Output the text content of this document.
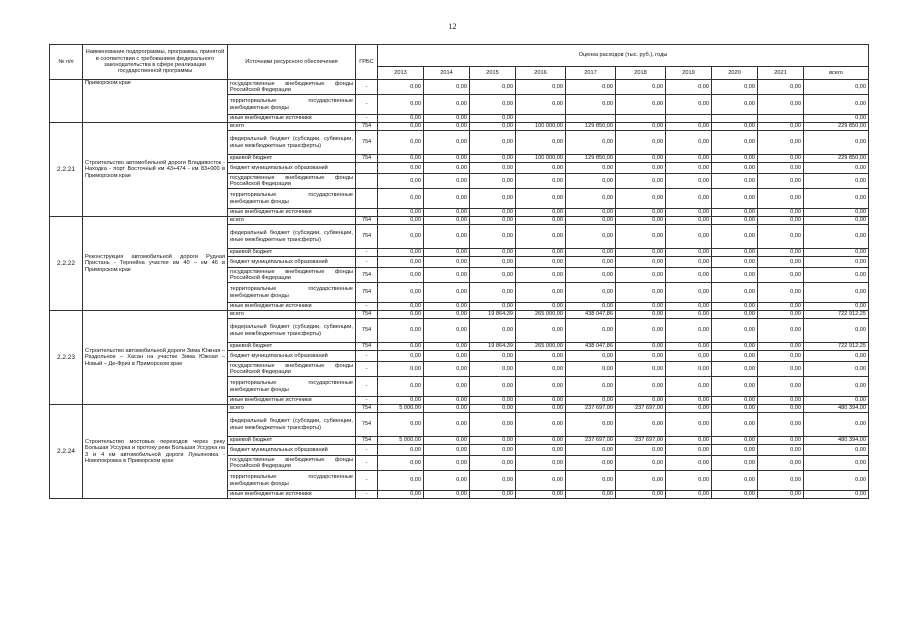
12
№ п/п	Наименование подпрограммы, программы, принятой в соответствии с требованием федерального законодательства в сфере реализации государственной программы	Источники ресурсного обеспечения	ГРБС	Оценка расходов (тыс. руб.), годы									
				2013	2014	2015	2016	2017	2018	2019	2020	2021	всего
	Приморском крае	государственные внебюджетные фонды Российской Федерации	-	0,00	0,00	0,00	0,00	0,00	0,00	0,00	0,00	0,00	0,00
		территориальные государственные внебюджетные фонды	-	0,00	0,00	0,00	0,00	0,00	0,00	0,00	0,00	0,00	0,00
		иные внебюджетные источники	-	0,00	0,00	0,00							0,00
2.2.21	Строительство автомобильной дороги Владивосток - Находка - порт Восточный км 43+474 - км 83+000 в Приморском крае	всего	754	0,00	0,00	0,00	100 000,00	129 850,00	0,00	0,00	0,00	0,00	229 850,00
		федеральный бюджет (субсидии, субвенции, иные межбюджетные трансферты)	754	0,00	0,00	0,00	0,00	0,00	0,00	0,00	0,00	0,00	0,00
		краевой бюджет	754	0,00	0,00	0,00	100 000,00	129 850,00	0,00	0,00	0,00	0,00	229 850,00
		бюджет муниципальных образований		0,00	0,00	0,00	0,00	0,00	0,00	0,00	0,00	0,00	0,00
		государственные внебюджетные фонды Российской Федерации		0,00	0,00	0,00	0,00	0,00	0,00	0,00	0,00	0,00	0,00
		территориальные государственные внебюджетные фонды		0,00	0,00	0,00	0,00	0,00	0,00	0,00	0,00	0,00	0,00
		иные внебюджетные источники		0,00	0,00	0,00	0,00	0,00	0,00	0,00	0,00	0,00	0,00
2.2.22	Реконструкция автомобильной дороги Рудная Пристань - Тернейна участке км 40 – км 46 в Приморском крае	всего	754	0,00	0,00	0,00	0,00	0,00	0,00	0,00	0,00	0,00	0,00
		федеральный бюджет (субсидии, субвенции, иные межбюджетные трансферты)	754	0,00	0,00	0,00	0,00	0,00	0,00	0,00	0,00	0,00	0,00
		краевой бюджет	-	0,00	0,00	0,00	0,00	0,00	0,00	0,00	0,00	0,00	0,00
		бюджет муниципальных образований	-	0,00	0,00	0,00	0,00	0,00	0,00	0,00	0,00	0,00	0,00
		государственные внебюджетные фонды Российской Федерации	754	0,00	0,00	0,00	0,00	0,00	0,00	0,00	0,00	0,00	0,00
		территориальные государственные внебюджетные фонды	754	0,00	0,00	0,00	0,00	0,00	0,00	0,00	0,00	0,00	0,00
		иные внебюджетные источники	-	0,00	0,00	0,00	0,00	0,00	0,00	0,00	0,00	0,00	0,00
2.2.23	Строительство автомобильной дороги Зима Южная – Раздольное – Хасан на участке Зима Южная – Новый – Де-Фриз в Приморском крае	всего	754	0,00	0,00	19 864,39	265 000,00	438 047,86	0,00	0,00	0,00	0,00	722 912,25
		федеральный бюджет (субсидии, субвенции, иные межбюджетные трансферты)	754	0,00	0,00	0,00	0,00	0,00	0,00	0,00	0,00	0,00	0,00
		краевой бюджет	754	0,00	0,00	19 864,39	265 000,00	438 047,86	0,00	0,00	0,00	0,00	722 912,25
		бюджет муниципальных образований	-	0,00	0,00	0,00	0,00	0,00	0,00	0,00	0,00	0,00	0,00
		государственные внебюджетные фонды Российской Федерации	-	0,00	0,00	0,00	0,00	0,00	0,00	0,00	0,00	0,00	0,00
		территориальные государственные внебюджетные фонды	-	0,00	0,00	0,00	0,00	0,00	0,00	0,00	0,00	0,00	0,00
		иные внебюджетные источники	-	0,00	0,00	0,00	0,00	0,00	0,00	0,00	0,00	0,00	0,00
2.2.24	Строительство мостовых переходов через реку Большая Уссурка и протоку реки Большая Уссурка на 3 и 4 км автомобильной дороги Лукьяновка - Новопокровка в Приморском крае	всего	754	5 000,00	0,00	0,00	0,00	237 697,00	237 697,00	0,00	0,00	0,00	480 394,00
		федеральный бюджет (субсидии, субвенции, иные межбюджетные трансферты)	754	0,00	0,00	0,00	0,00	0,00	0,00	0,00	0,00	0,00	0,00
		краевой бюджет	754	5 000,00	0,00	0,00	0,00	237 697,00	237 697,00	0,00	0,00	0,00	480 394,00
		бюджет муниципальных образований	-	0,00	0,00	0,00	0,00	0,00	0,00	0,00	0,00	0,00	0,00
		государственные внебюджетные фонды Российской Федерации	-	0,00	0,00	0,00	0,00	0,00	0,00	0,00	0,00	0,00	0,00
		территориальные государственные внебюджетные фонды	-	0,00	0,00	0,00	0,00	0,00	0,00	0,00	0,00	0,00	0,00
		иные внебюджетные источники	-	0,00	0,00	0,00	0,00	0,00	0,00	0,00	0,00	0,00	0,00
